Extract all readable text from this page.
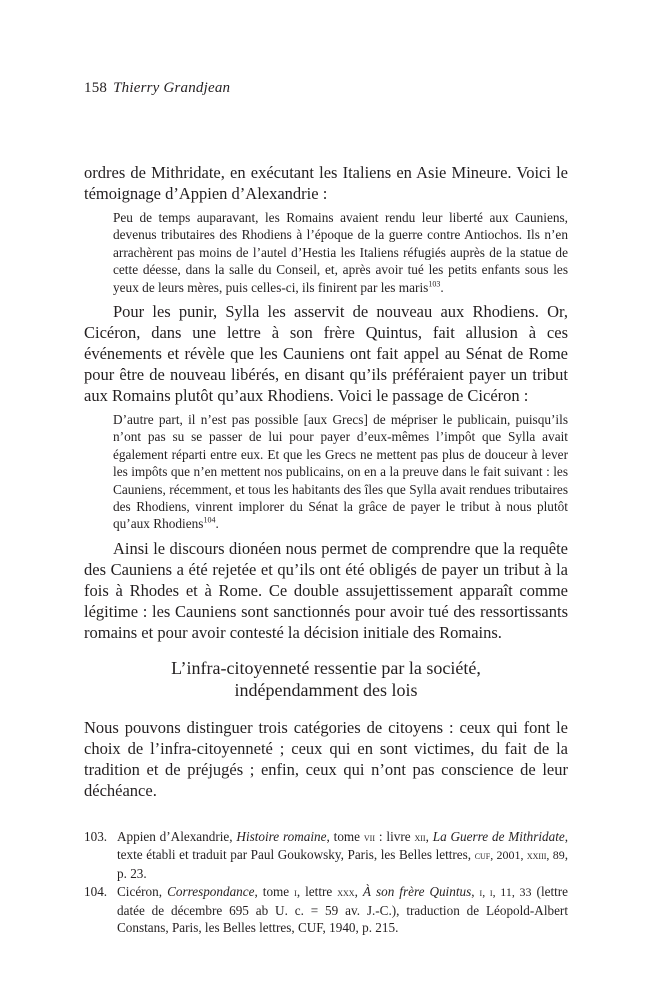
158 Thierry Grandjean

ordres de Mithridate, en exécutant les Italiens en Asie Mineure. Voici le témoignage d’Appien d’Alexandrie :

Peu de temps auparavant, les Romains avaient rendu leur liberté aux Cauniens, devenus tributaires des Rhodiens à l’époque de la guerre contre Antiochos. Ils n’en arrachèrent pas moins de l’autel d’Hestia les Italiens réfugiés auprès de la statue de cette déesse, dans la salle du Conseil, et, après avoir tué les petits enfants sous les yeux de leurs mères, puis celles-ci, ils finirent par les maris$^{103}$.

Pour les punir, Sylla les asservit de nouveau aux Rhodiens. Or, Cicéron, dans une lettre à son frère Quintus, fait allusion à ces événements et révèle que les Cauniens ont fait appel au Sénat de Rome pour être de nouveau libérés, en disant qu’ils préféraient payer un tribut aux Romains plutôt qu’aux Rhodiens. Voici le passage de Cicéron :

D’autre part, il n’est pas possible [aux Grecs] de mépriser le publicain, puisqu’ils n’ont pas su se passer de lui pour payer d’eux-mêmes l’impôt que Sylla avait également réparti entre eux. Et que les Grecs ne mettent pas plus de douceur à lever les impôts que n’en mettent nos publicains, on en a la preuve dans le fait suivant : les Cauniens, récemment, et tous les habitants des îles que Sylla avait rendues tributaires des Rhodiens, vinrent implorer du Sénat la grâce de payer le tribut à nous plutôt qu’aux Rhodiens$^{104}$.

Ainsi le discours dionéen nous permet de comprendre que la requête des Cauniens a été rejetée et qu’ils ont été obligés de payer un tribut à la fois à Rhodes et à Rome. Ce double assujettissement apparaît comme légitime : les Cauniens sont sanctionnés pour avoir tué des ressortissants romains et pour avoir contesté la décision initiale des Romains.

L’infra-citoyenneté ressentie par la société,
indépendamment des lois

Nous pouvons distinguer trois catégories de citoyens : ceux qui font le choix de l’infra-citoyenneté ; ceux qui en sont victimes, du fait de la tradition et de préjugés ; enfin, ceux qui n’ont pas conscience de leur déchéance.

103. Appien d’Alexandrie, Histoire romaine, tome vii : livre xii, La Guerre de Mithridate, texte établi et traduit par Paul Goukowsky, Paris, les Belles lettres, cuf, 2001, xxiii, 89, p. 23.
104. Cicéron, Correspondance, tome i, lettre xxx, À son frère Quintus, i, i, 11, 33 (lettre datée de décembre 695 ab U. c. = 59 av. J.-C.), traduction de Léopold-Albert Constans, Paris, les Belles lettres, CUF, 1940, p. 215.
